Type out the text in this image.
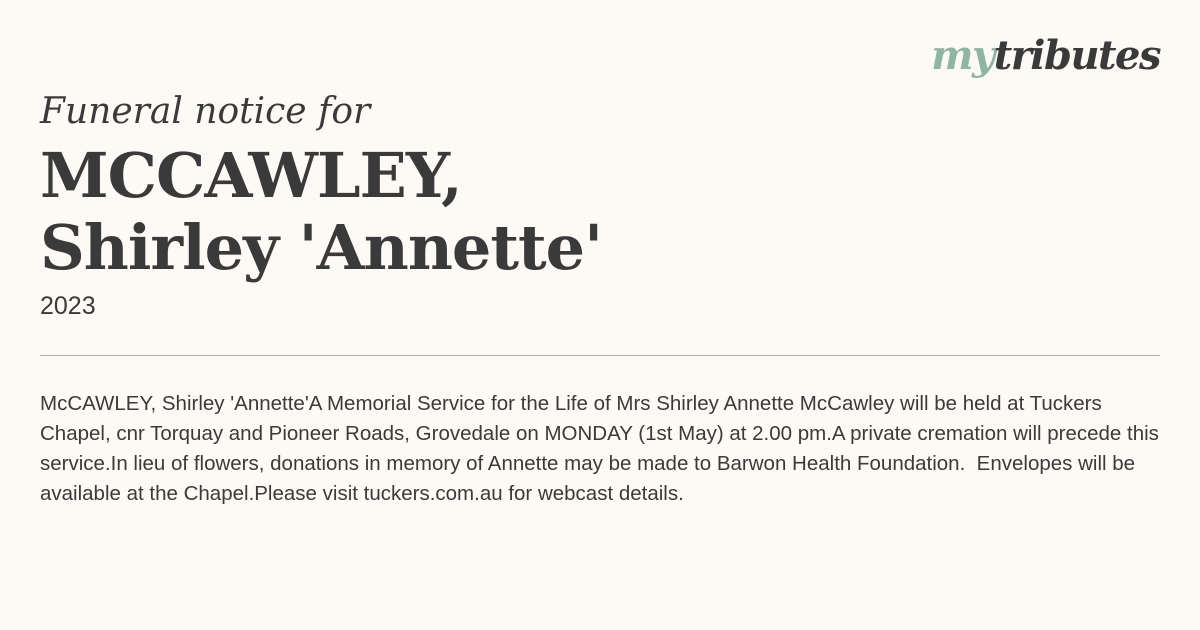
mytributes

Funeral notice for

MCCAWLEY,
Shirley 'Annette'

2023

McCAWLEY, Shirley 'Annette'A Memorial Service for the Life of Mrs Shirley Annette McCawley will be held at Tuckers Chapel, cnr Torquay and Pioneer Roads, Grovedale on MONDAY (1st May) at 2.00 pm.A private cremation will precede this service.In lieu of flowers, donations in memory of Annette may be made to Barwon Health Foundation.  Envelopes will be available at the Chapel.Please visit tuckers.com.au for webcast details.
